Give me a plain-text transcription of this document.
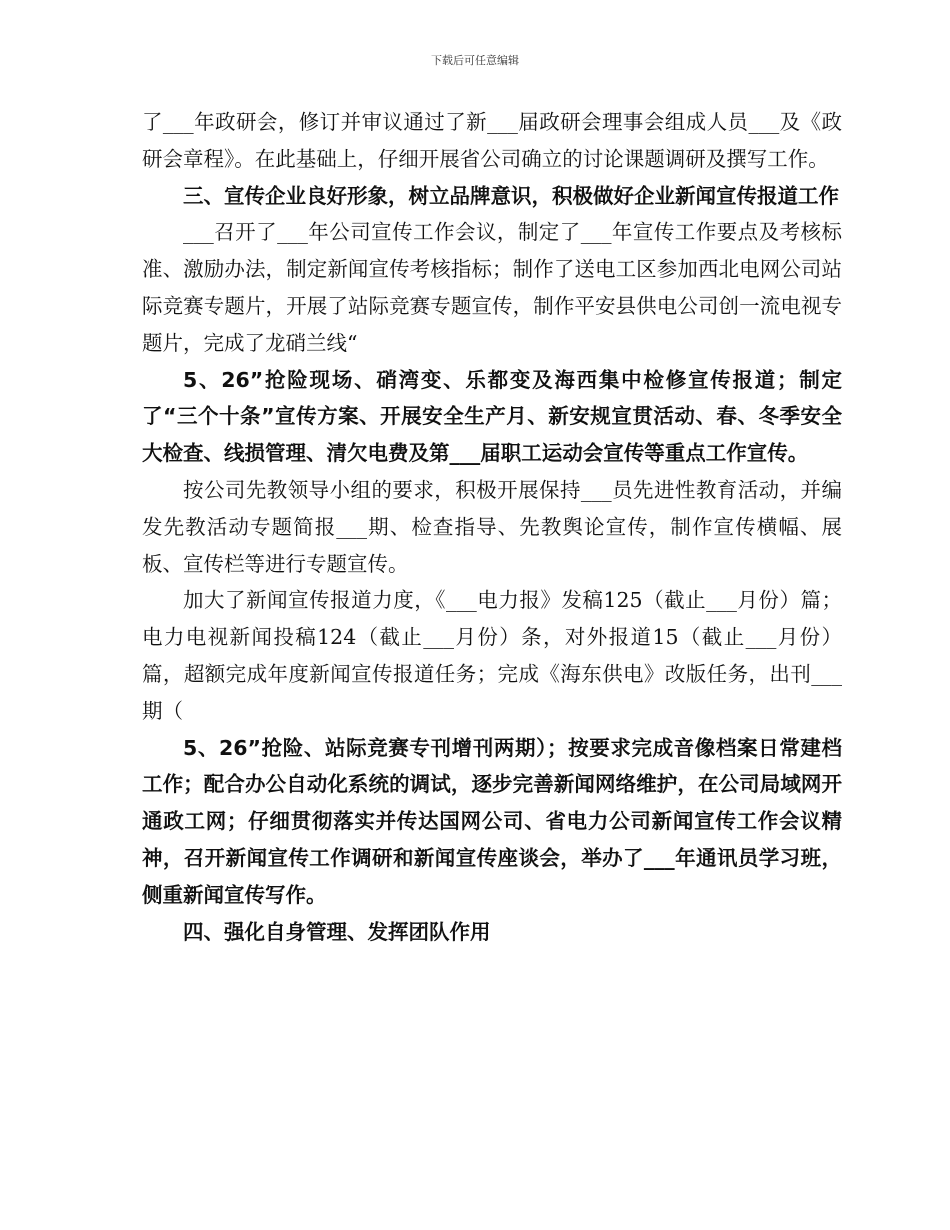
下载后可任意编辑

了___年政研会，修订并审议通过了新___届政研会理事会组成人员___及《政研会章程》。在此基础上，仔细开展省公司确立的讨论课题调研及撰写工作。

三、宣传企业良好形象，树立品牌意识，积极做好企业新闻宣传报道工作

___召开了___年公司宣传工作会议，制定了___年宣传工作要点及考核标准、激励办法，制定新闻宣传考核指标；制作了送电工区参加西北电网公司站际竞赛专题片，开展了站际竞赛专题宣传，制作平安县供电公司创一流电视专题片，完成了龙硝兰线“

5、26”抢险现场、硝湾变、乐都变及海西集中检修宣传报道；制定了“三个十条”宣传方案、开展安全生产月、新安规宣贯活动、春、冬季安全大检查、线损管理、清欠电费及第___届职工运动会宣传等重点工作宣传。

按公司先教领导小组的要求，积极开展保持___员先进性教育活动，并编发先教活动专题简报___期、检查指导、先教舆论宣传，制作宣传横幅、展板、宣传栏等进行专题宣传。

加大了新闻宣传报道力度，《___电力报》发稿125（截止___月份）篇；电力电视新闻投稿124（截止___月份）条，对外报道15（截止___月份）篇，超额完成年度新闻宣传报道任务；完成《海东供电》改版任务，出刊___期（

5、26”抢险、站际竞赛专刊增刊两期）；按要求完成音像档案日常建档工作；配合办公自动化系统的调试，逐步完善新闻网络维护，在公司局域网开通政工网；仔细贯彻落实并传达国网公司、省电力公司新闻宣传工作会议精神，召开新闻宣传工作调研和新闻宣传座谈会，举办了___年通讯员学习班，侧重新闻宣传写作。

四、强化自身管理、发挥团队作用
